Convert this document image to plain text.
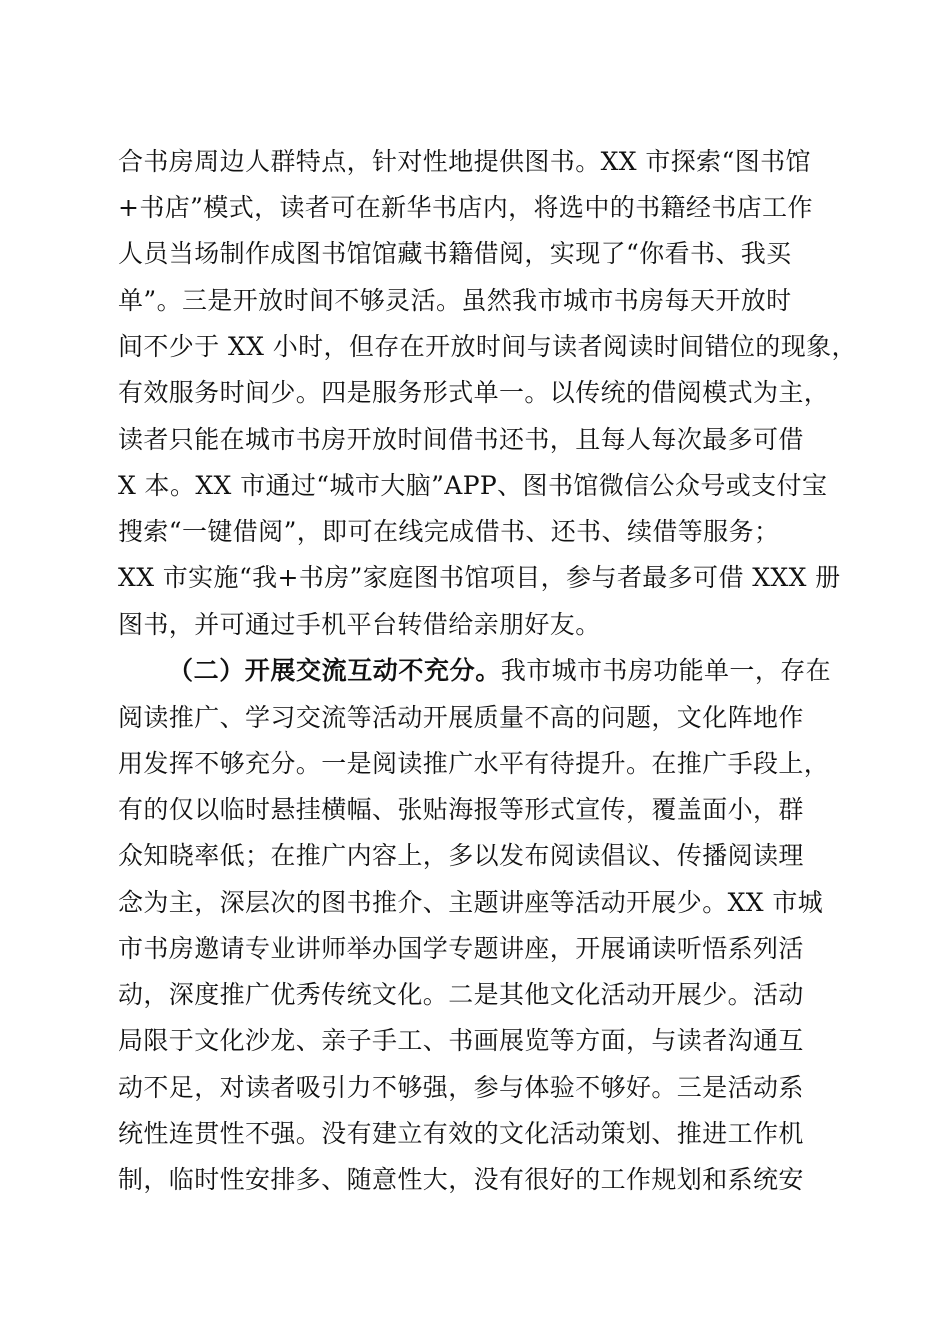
合书房周边人群特点，针对性地提供图书。XX 市探索“图书馆
+书店”模式，读者可在新华书店内，将选中的书籍经书店工作
人员当场制作成图书馆馆藏书籍借阅，实现了“你看书、我买
单”。三是开放时间不够灵活。虽然我市城市书房每天开放时
间不少于 XX 小时，但存在开放时间与读者阅读时间错位的现象，
有效服务时间少。四是服务形式单一。以传统的借阅模式为主，
读者只能在城市书房开放时间借书还书，且每人每次最多可借
X 本。XX 市通过“城市大脑”APP、图书馆微信公众号或支付宝
搜索“一键借阅”，即可在线完成借书、还书、续借等服务；
XX 市实施“我+书房”家庭图书馆项目，参与者最多可借 XXX 册
图书，并可通过手机平台转借给亲朋好友。
（二）开展交流互动不充分。我市城市书房功能单一，存在
阅读推广、学习交流等活动开展质量不高的问题，文化阵地作
用发挥不够充分。一是阅读推广水平有待提升。在推广手段上，
有的仅以临时悬挂横幅、张贴海报等形式宣传，覆盖面小，群
众知晓率低；在推广内容上，多以发布阅读倡议、传播阅读理
念为主，深层次的图书推介、主题讲座等活动开展少。XX 市城
市书房邀请专业讲师举办国学专题讲座，开展诵读听悟系列活
动，深度推广优秀传统文化。二是其他文化活动开展少。活动
局限于文化沙龙、亲子手工、书画展览等方面，与读者沟通互
动不足，对读者吸引力不够强，参与体验不够好。三是活动系
统性连贯性不强。没有建立有效的文化活动策划、推进工作机
制，临时性安排多、随意性大，没有很好的工作规划和系统安
